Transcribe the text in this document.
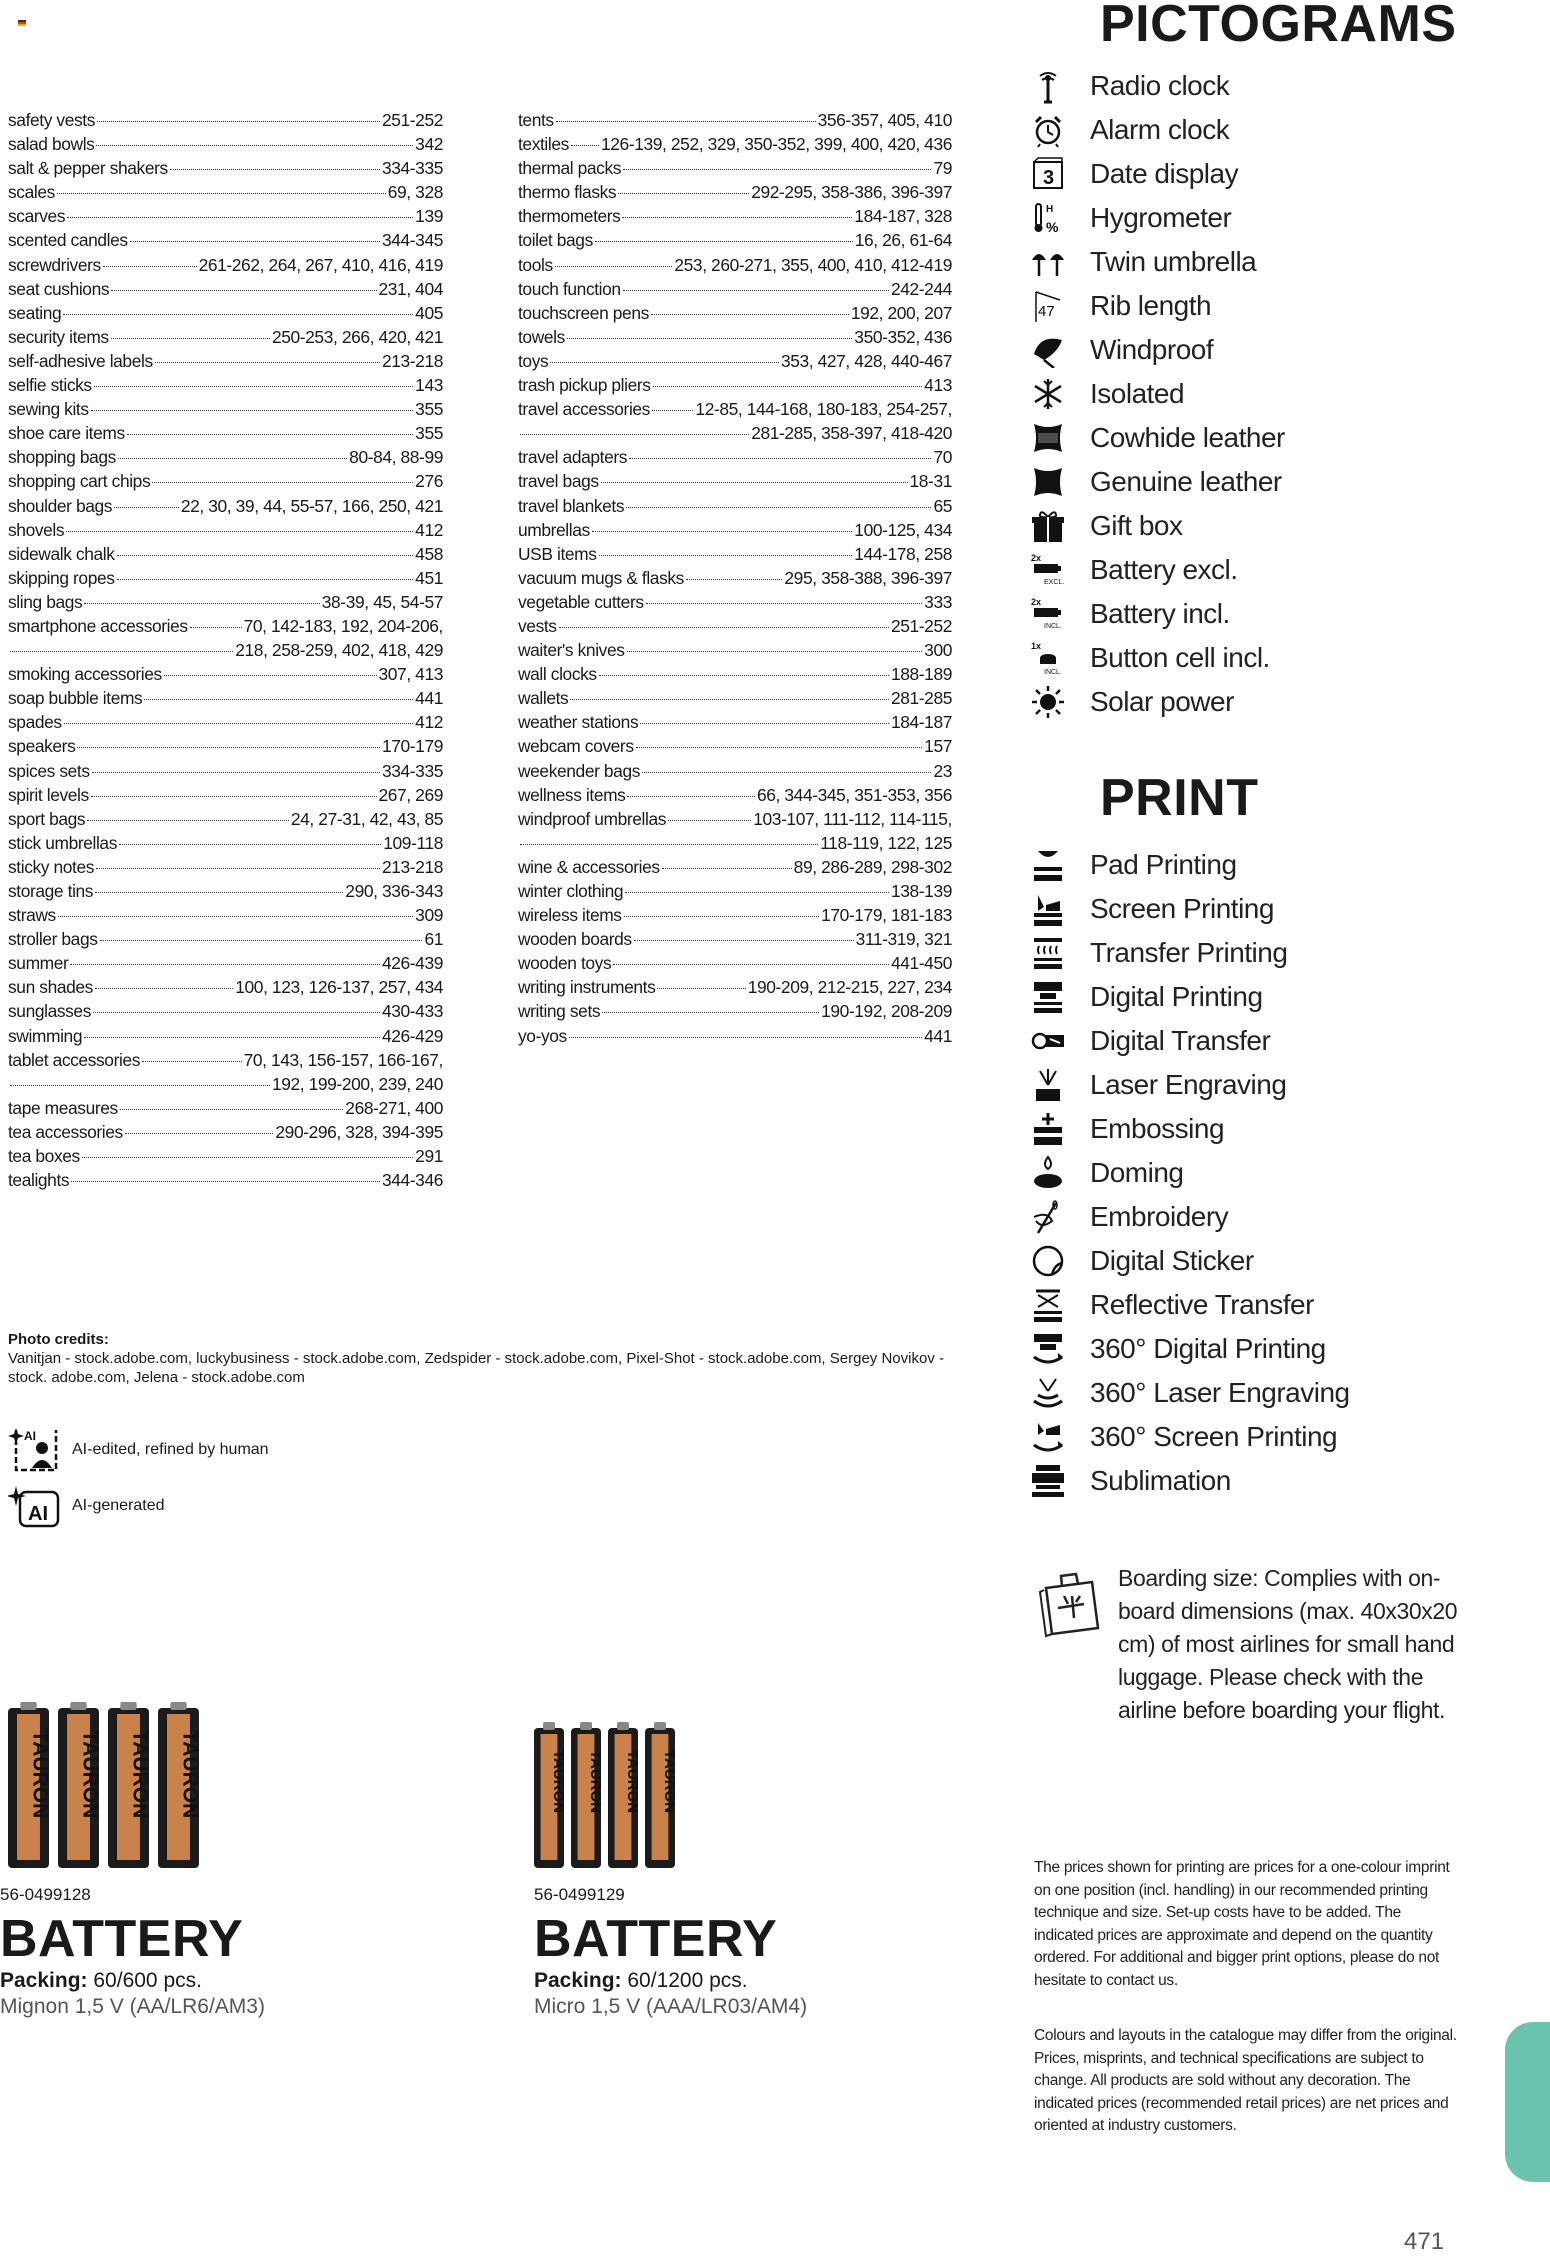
safety vests	251-252
salad bowls	342
salt & pepper shakers	334-335
scales	69, 328
scarves	139
scented candles	344-345
screwdrivers	261-262, 264, 267, 410, 416, 419
seat cushions	231, 404
seating	405
security items	250-253, 266, 420, 421
self-adhesive labels	213-218
selfie sticks	143
sewing kits	355
shoe care items	355
shopping bags	80-84, 88-99
shopping cart chips	276
shoulder bags	22, 30, 39, 44, 55-57, 166, 250, 421
shovels	412
sidewalk chalk	458
skipping ropes	451
sling bags	38-39, 45, 54-57
smartphone accessories	70, 142-183, 192, 204-206,
218, 258-259, 402, 418, 429
smoking accessories	307, 413
soap bubble items	441
spades	412
speakers	170-179
spices sets	334-335
spirit levels	267, 269
sport bags	24, 27-31, 42, 43, 85
stick umbrellas	109-118
sticky notes	213-218
storage tins	290, 336-343
straws	309
stroller bags	61
summer	426-439
sun shades	100, 123, 126-137, 257, 434
sunglasses	430-433
swimming	426-429
tablet accessories	70, 143, 156-157, 166-167,
192, 199-200, 239, 240
tape measures	268-271, 400
tea accessories	290-296, 328, 394-395
tea boxes	291
tealights	344-346
tents	356-357, 405, 410
textiles 126-139, 252, 329, 350-352, 399, 400, 420, 436
thermal packs	79
thermo flasks	292-295, 358-386, 396-397
thermometers	184-187, 328
toilet bags	16, 26, 61-64
tools	253, 260-271, 355, 400, 410, 412-419
touch function	242-244
touchscreen pens	192, 200, 207
towels	350-352, 436
toys	353, 427, 428, 440-467
trash pickup pliers	413
travel accessories	12-85, 144-168, 180-183, 254-257,
281-285, 358-397, 418-420
travel adapters	70
travel bags	18-31
travel blankets	65
umbrellas	100-125, 434
USB items	144-178, 258
vacuum mugs & flasks	295, 358-388, 396-397
vegetable cutters	333
vests	251-252
waiter's knives	300
wall clocks	188-189
wallets	281-285
weather stations	184-187
webcam covers	157
weekender bags	23
wellness items	66, 344-345, 351-353, 356
windproof umbrellas	103-107, 111-112, 114-115,
118-119, 122, 125
wine & accessories	89, 286-289, 298-302
winter clothing	138-139
wireless items	170-179, 181-183
wooden boards	311-319, 321
wooden toys	441-450
writing instruments	190-209, 212-215, 227, 234
writing sets	190-192, 208-209
yo-yos	441
PICTOGRAMS
Radio clock
Alarm clock
3 Date display
H
% Hygrometer
Twin umbrella
47 Rib length
Windproof
Isolated
Cowhide leather
Genuine leather
Gift box
2x
EXCL. Battery excl.
2x
INCL. Battery incl.
1x
INCL. Button cell incl.
Solar power
PRINT
Pad Printing
Screen Printing
Transfer Printing
Digital Printing
Digital Transfer
Laser Engraving
Embossing
Doming
Embroidery
Digital Sticker
Reflective Transfer
360° Digital Printing
360° Laser Engraving
360° Screen Printing
Sublimation
Photo credits:
Vanitjan - stock.adobe.com, luckybusiness - stock.adobe.com, Zedspider - stock.adobe.com, Pixel-Shot - stock.adobe.com, Sergey Novikov - stock. adobe.com, Jelena - stock.adobe.com
AI
AI-edited, refined by human
AI AI-generated

Boarding size: Complies with on-board dimensions (max. 40x30x20 cm) of most airlines for small hand luggage. Please check with the airline before boarding your flight.

The prices shown for printing are prices for a one-colour imprint on one position (incl. handling) in our recommended printing technique and size. Set-up costs have to be added. The indicated prices are approximate and depend on the quantity ordered. For additional and bigger print options, please do not hesitate to contact us.

Colours and layouts in the catalogue may differ from the original. Prices, misprints, and technical specifications are subject to change. All products are sold without any decoration. The indicated prices (recommended retail prices) are net prices and oriented at industry customers.

TAURON TAURON TAURON TAURON
56-0499128
BATTERY
Packing: 60/600 pcs.
Mignon 1,5 V (AA/LR6/AM3)
TAURON TAURON TAURON TAURON
56-0499129
BATTERY
Packing: 60/1200 pcs.
Micro 1,5 V (AAA/LR03/AM4)
471
